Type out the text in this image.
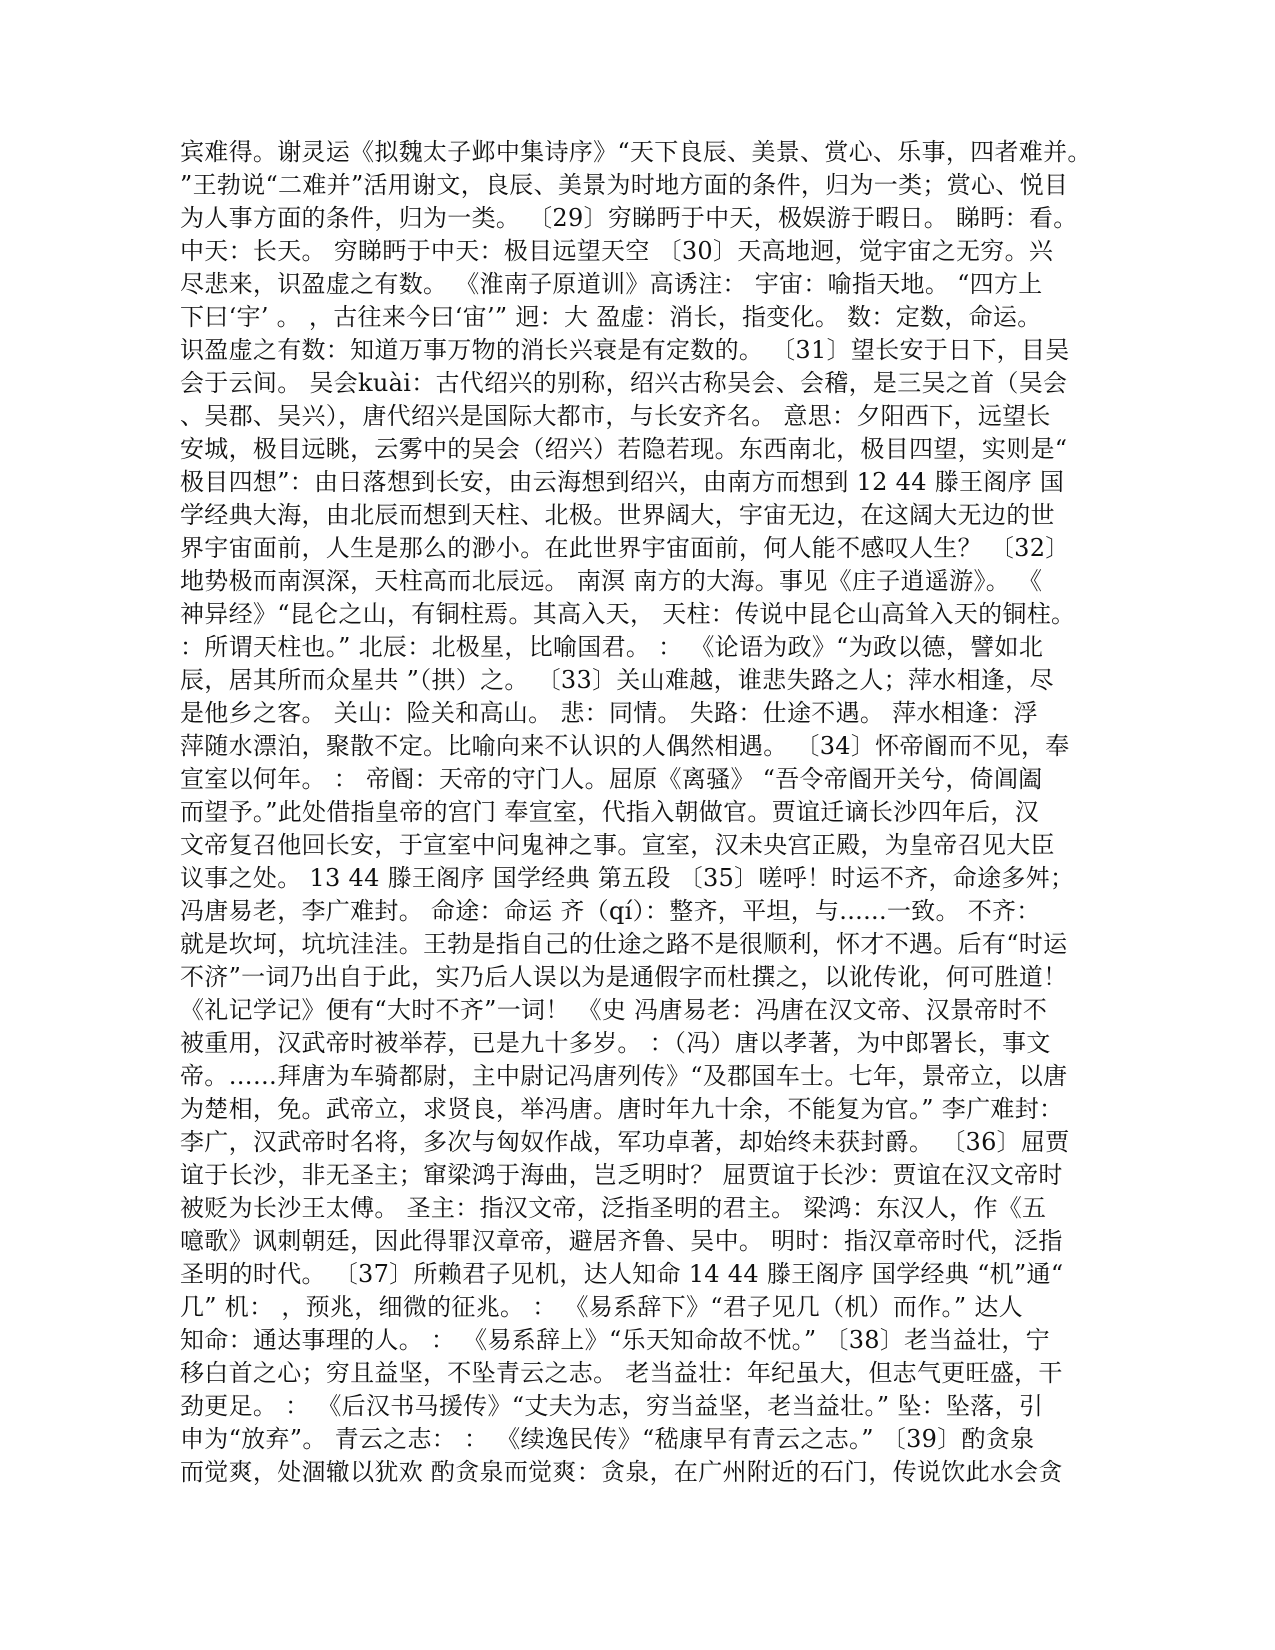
宾难得。谢灵运《拟魏太子邺中集诗序》“天下良辰、美景、赏心、乐事，四者难并。
”王勃说“二难并”活用谢文，良辰、美景为时地方面的条件，归为一类；赏心、悦目
为人事方面的条件，归为一类。 〔29〕穷睇眄于中天，极娱游于暇日。 睇眄：看。
中天：长天。 穷睇眄于中天：极目远望天空 〔30〕天高地迥，觉宇宙之无穷。兴
尽悲来，识盈虚之有数。 《淮南子原道训》高诱注： 宇宙：喻指天地。 “四方上
下曰‘宇’ 。 ，古往来今曰‘宙’” 迥：大 盈虚：消长，指变化。 数：定数，命运。
识盈虚之有数：知道万事万物的消长兴衰是有定数的。 〔31〕望长安于日下，目吴
会于云间。 吴会kuài：古代绍兴的别称，绍兴古称吴会、会稽，是三吴之首（吴会
、吴郡、吴兴），唐代绍兴是国际大都市，与长安齐名。 意思：夕阳西下，远望长
安城，极目远眺，云雾中的吴会（绍兴）若隐若现。东西南北，极目四望，实则是“
极目四想”：由日落想到长安，由云海想到绍兴，由南方而想到 12 44 滕王阁序 国
学经典大海，由北辰而想到天柱、北极。世界阔大，宇宙无边，在这阔大无边的世
界宇宙面前，人生是那么的渺小。在此世界宇宙面前，何人能不感叹人生？ 〔32〕
地势极而南溟深，天柱高而北辰远。 南溟 南方的大海。事见《庄子逍遥游》。 《
神异经》“昆仑之山，有铜柱焉。其高入天， 天柱：传说中昆仑山高耸入天的铜柱。
：所谓天柱也。” 北辰：北极星，比喻国君。 ： 《论语为政》“为政以德，譬如北
辰，居其所而众星共 ”（拱）之。 〔33〕关山难越，谁悲失路之人；萍水相逢，尽
是他乡之客。 关山：险关和高山。 悲：同情。 失路：仕途不遇。 萍水相逢：浮
萍随水漂泊，聚散不定。比喻向来不认识的人偶然相遇。 〔34〕怀帝阍而不见，奉
宣室以何年。 ： 帝阍：天帝的守门人。屈原《离骚》 “吾令帝阍开关兮，倚阊阖
而望予。”此处借指皇帝的宫门 奉宣室，代指入朝做官。贾谊迁谪长沙四年后，汉
文帝复召他回长安，于宣室中问鬼神之事。宣室，汉未央宫正殿，为皇帝召见大臣
议事之处。 13 44 滕王阁序 国学经典 第五段 〔35〕嗟呼！时运不齐，命途多舛；
冯唐易老，李广难封。 命途：命运 齐（qí）：整齐，平坦，与......一致。 不齐：
就是坎坷，坑坑洼洼。王勃是指自己的仕途之路不是很顺利，怀才不遇。后有“时运
不济”一词乃出自于此，实乃后人误以为是通假字而杜撰之，以讹传讹，何可胜道！
《礼记学记》便有“大时不齐”一词！ 《史 冯唐易老：冯唐在汉文帝、汉景帝时不
被重用，汉武帝时被举荐，已是九十多岁。 ：（冯）唐以孝著，为中郎署长，事文
帝。……拜唐为车骑都尉，主中尉记冯唐列传》“及郡国车士。七年，景帝立，以唐
为楚相，免。武帝立，求贤良，举冯唐。唐时年九十余，不能复为官。” 李广难封：
李广，汉武帝时名将，多次与匈奴作战，军功卓著，却始终未获封爵。 〔36〕屈贾
谊于长沙，非无圣主；窜梁鸿于海曲，岂乏明时？ 屈贾谊于长沙：贾谊在汉文帝时
被贬为长沙王太傅。 圣主：指汉文帝，泛指圣明的君主。 梁鸿：东汉人，作《五
噫歌》讽刺朝廷，因此得罪汉章帝，避居齐鲁、吴中。 明时：指汉章帝时代，泛指
圣明的时代。 〔37〕所赖君子见机，达人知命 14 44 滕王阁序 国学经典 “机”通“
几” 机： ，预兆，细微的征兆。 ： 《易系辞下》“君子见几（机）而作。” 达人
知命：通达事理的人。 ： 《易系辞上》“乐天知命故不忧。” 〔38〕老当益壮，宁
移白首之心；穷且益坚，不坠青云之志。 老当益壮：年纪虽大，但志气更旺盛，干
劲更足。 ： 《后汉书马援传》“丈夫为志，穷当益坚，老当益壮。” 坠：坠落，引
申为“放弃”。 青云之志： ： 《续逸民传》“嵇康早有青云之志。” 〔39〕酌贪泉
而觉爽，处涸辙以犹欢 酌贪泉而觉爽：贪泉，在广州附近的石门，传说饮此水会贪
